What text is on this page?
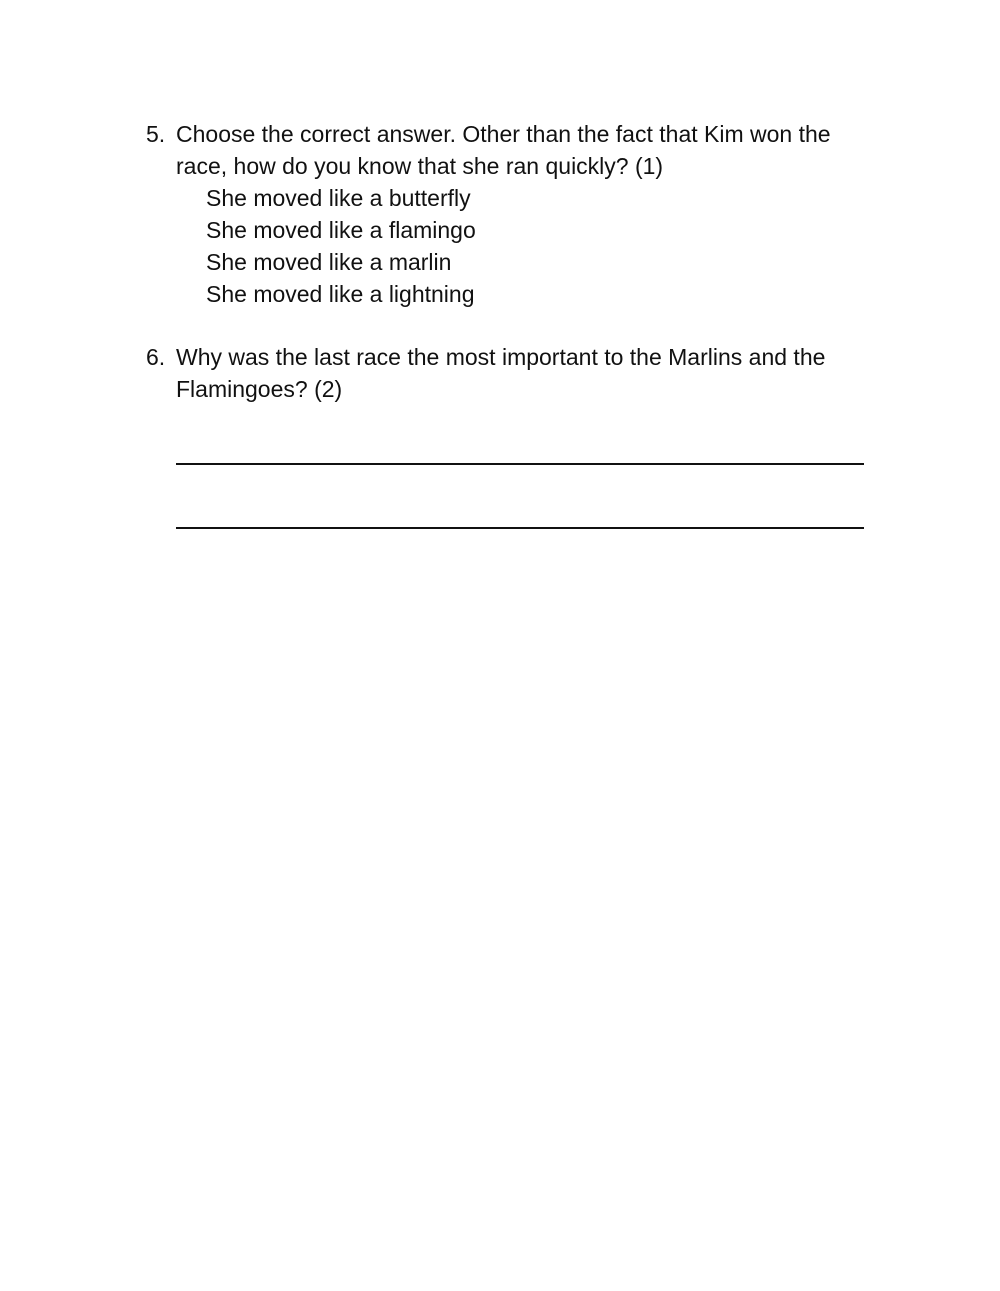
5. Choose the correct answer. Other than the fact that Kim won the race, how do you know that she ran quickly? (1)
She moved like a butterfly
She moved like a flamingo
She moved like a marlin
She moved like a lightning
6. Why was the last race the most important to the Marlins and the Flamingoes? (2)
